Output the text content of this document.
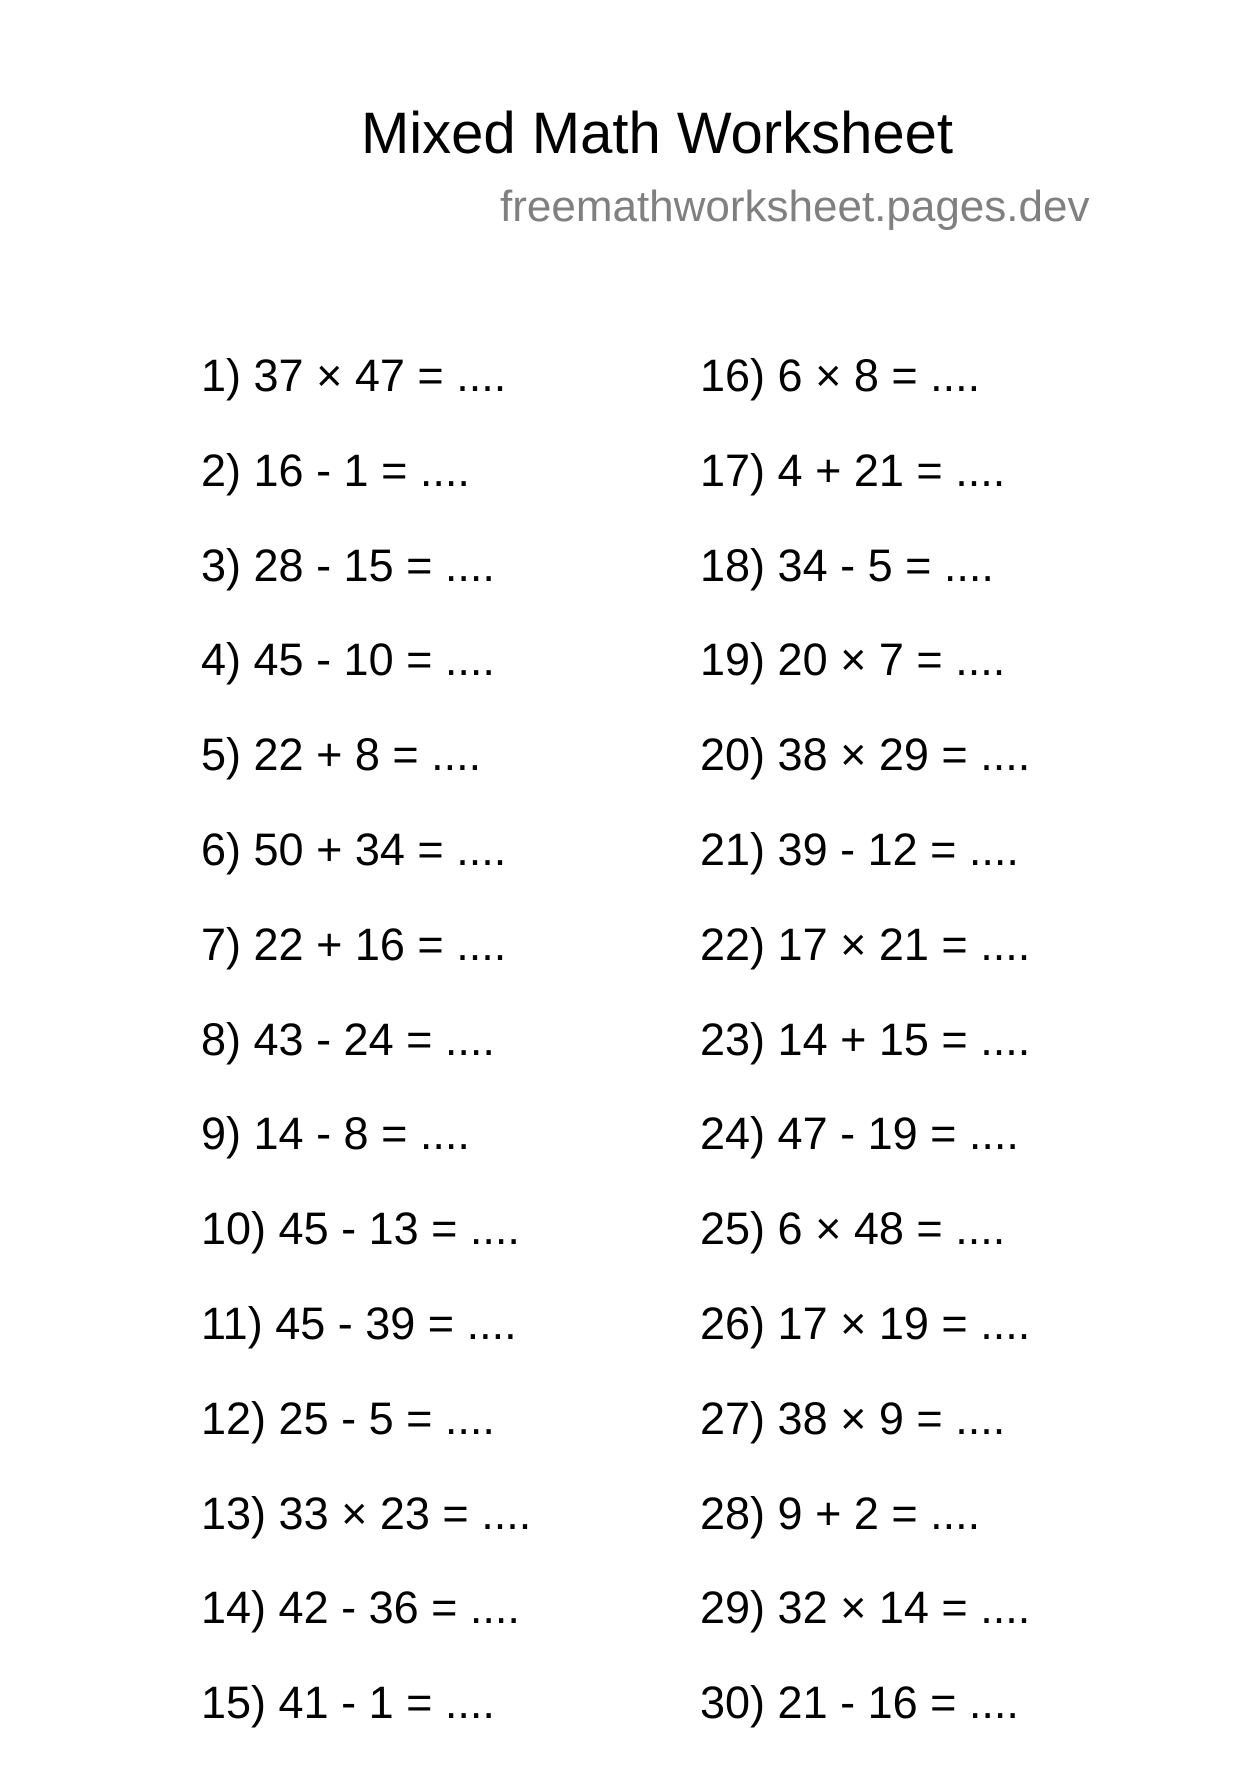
Mixed Math Worksheet
freemathworksheet.pages.dev
1) 37 × 47 = ....
2) 16 - 1 = ....
3) 28 - 15 = ....
4) 45 - 10 = ....
5) 22 + 8 = ....
6) 50 + 34 = ....
7) 22 + 16 = ....
8) 43 - 24 = ....
9) 14 - 8 = ....
10) 45 - 13 = ....
11) 45 - 39 = ....
12) 25 - 5 = ....
13) 33 × 23 = ....
14) 42 - 36 = ....
15) 41 - 1 = ....
16) 6 × 8 = ....
17) 4 + 21 = ....
18) 34 - 5 = ....
19) 20 × 7 = ....
20) 38 × 29 = ....
21) 39 - 12 = ....
22) 17 × 21 = ....
23) 14 + 15 = ....
24) 47 - 19 = ....
25) 6 × 48 = ....
26) 17 × 19 = ....
27) 38 × 9 = ....
28) 9 + 2 = ....
29) 32 × 14 = ....
30) 21 - 16 = ....
